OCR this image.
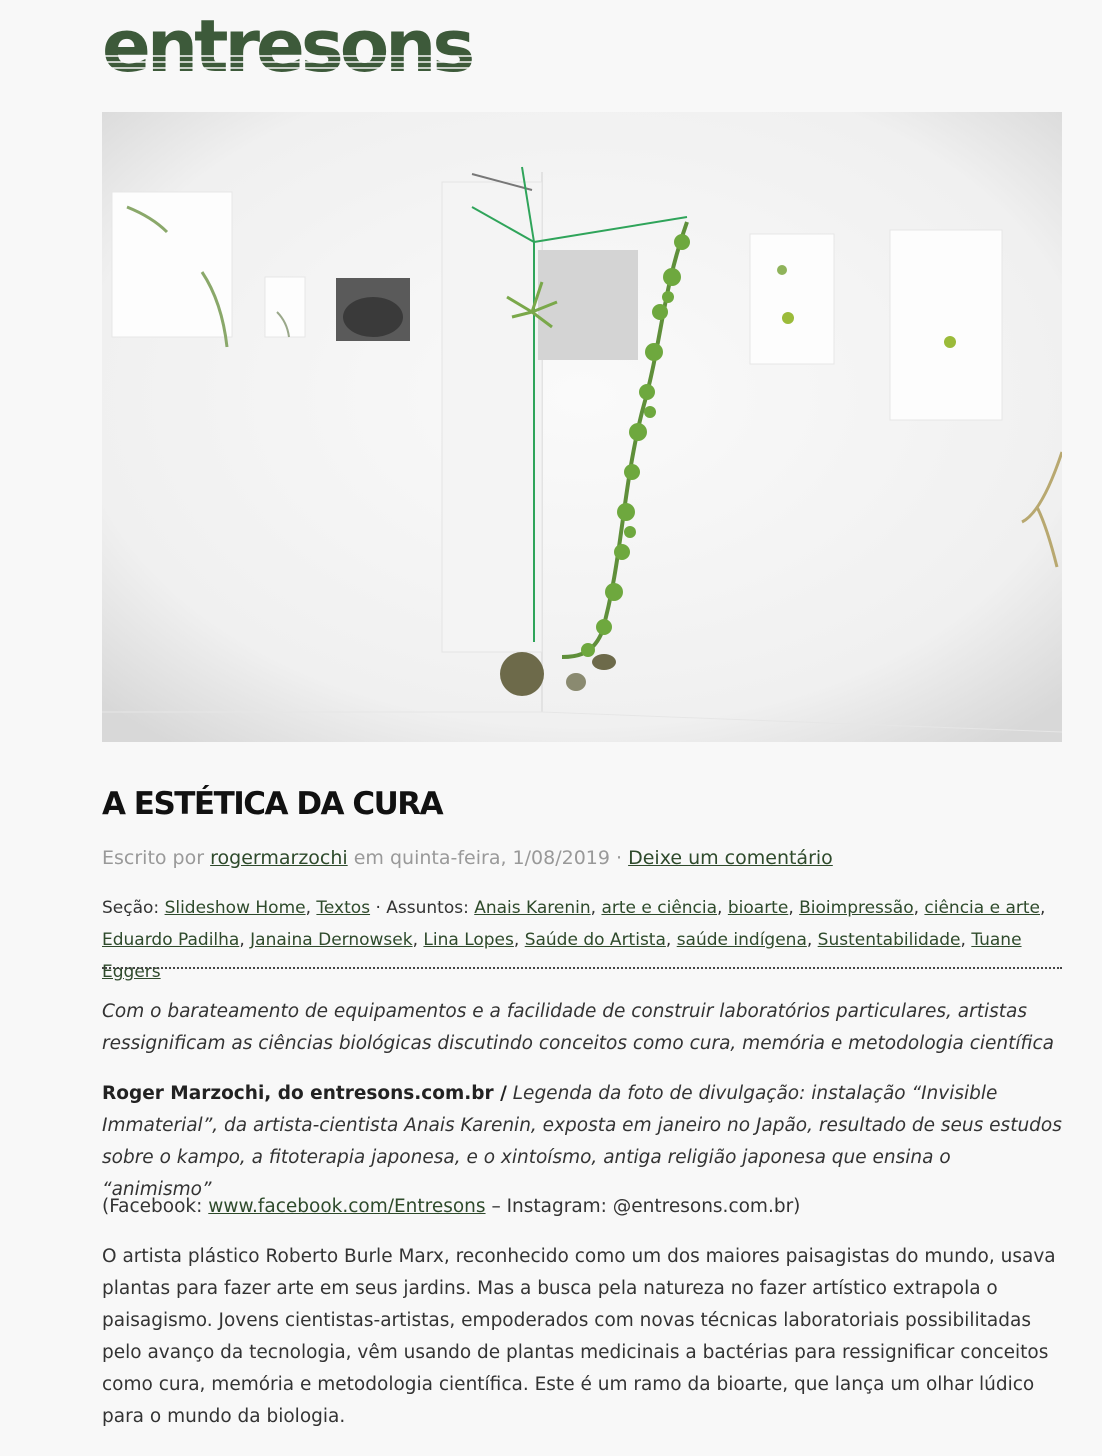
entresons
A ESTÉTICA DA CURA
Escrito por rogermarzochi em quinta-feira, 1/08/2019 · Deixe um comentário
Seção: Slideshow Home, Textos · Assuntos: Anais Karenin, arte e ciência, bioarte, Bioimpressão, ciência e arte, Eduardo Padilha, Janaina Dernowsek, Lina Lopes, Saúde do Artista, saúde indígena, Sustentabilidade, Tuane Eggers

Com o barateamento de equipamentos e a facilidade de construir laboratórios particulares, artistas ressignificam as ciências biológicas discutindo conceitos como cura, memória e metodologia científica

Roger Marzochi, do entresons.com.br / Legenda da foto de divulgação: instalação “Invisible Immaterial”, da artista-cientista Anais Karenin, exposta em janeiro no Japão, resultado de seus estudos sobre o kampo, a fitoterapia japonesa, e o xintoísmo, antiga religião japonesa que ensina o “animismo”

(Facebook: www.facebook.com/Entresons – Instagram: @entresons.com.br)

O artista plástico Roberto Burle Marx, reconhecido como um dos maiores paisagistas do mundo, usava plantas para fazer arte em seus jardins. Mas a busca pela natureza no fazer artístico extrapola o paisagismo. Jovens cientistas-artistas, empoderados com novas técnicas laboratoriais possibilitadas pelo avanço da tecnologia, vêm usando de plantas medicinais a bactérias para ressignificar conceitos como cura, memória e metodologia científica. Este é um ramo da bioarte, que lança um olhar lúdico para o mundo da biologia.
